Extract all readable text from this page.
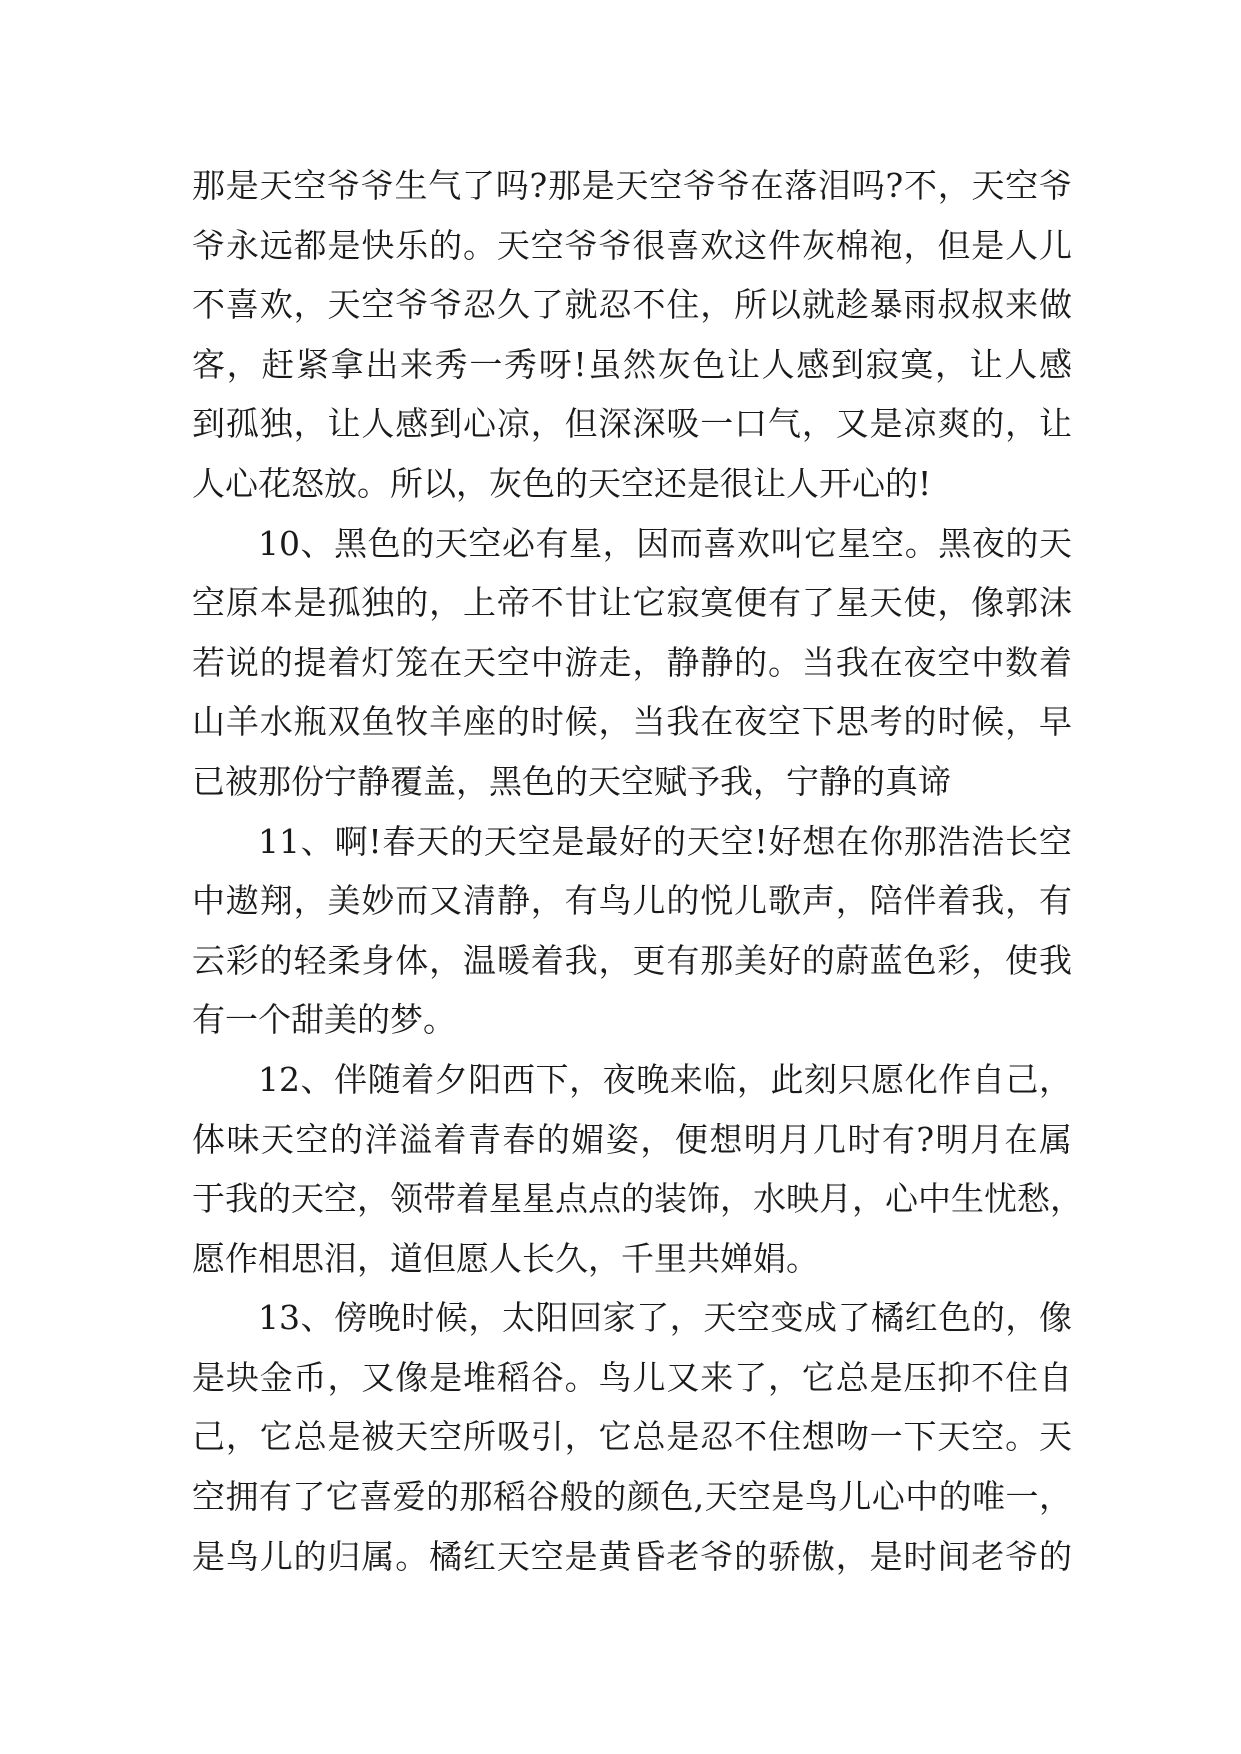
那是天空爷爷生气了吗?那是天空爷爷在落泪吗?不，天空爷
爷永远都是快乐的。天空爷爷很喜欢这件灰棉袍，但是人儿
不喜欢，天空爷爷忍久了就忍不住，所以就趁暴雨叔叔来做
客，赶紧拿出来秀一秀呀!虽然灰色让人感到寂寞，让人感
到孤独，让人感到心凉，但深深吸一口气，又是凉爽的，让
人心花怒放。所以，灰色的天空还是很让人开心的!
10、黑色的天空必有星，因而喜欢叫它星空。黑夜的天
空原本是孤独的，上帝不甘让它寂寞便有了星天使，像郭沫
若说的提着灯笼在天空中游走，静静的。当我在夜空中数着
山羊水瓶双鱼牧羊座的时候，当我在夜空下思考的时候，早
已被那份宁静覆盖，黑色的天空赋予我，宁静的真谛
11、啊!春天的天空是最好的天空!好想在你那浩浩长空
中遨翔，美妙而又清静，有鸟儿的悦儿歌声，陪伴着我，有
云彩的轻柔身体，温暖着我，更有那美好的蔚蓝色彩，使我
有一个甜美的梦。
12、伴随着夕阳西下，夜晚来临，此刻只愿化作自己，
体味天空的洋溢着青春的媚姿，便想明月几时有?明月在属
于我的天空，领带着星星点点的装饰，水映月，心中生忧愁，
愿作相思泪，道但愿人长久，千里共婵娟。
13、傍晚时候，太阳回家了，天空变成了橘红色的，像
是块金币，又像是堆稻谷。鸟儿又来了，它总是压抑不住自
己，它总是被天空所吸引，它总是忍不住想吻一下天空。天
空拥有了它喜爱的那稻谷般的颜色,天空是鸟儿心中的唯一，
是鸟儿的归属。橘红天空是黄昏老爷的骄傲，是时间老爷的
